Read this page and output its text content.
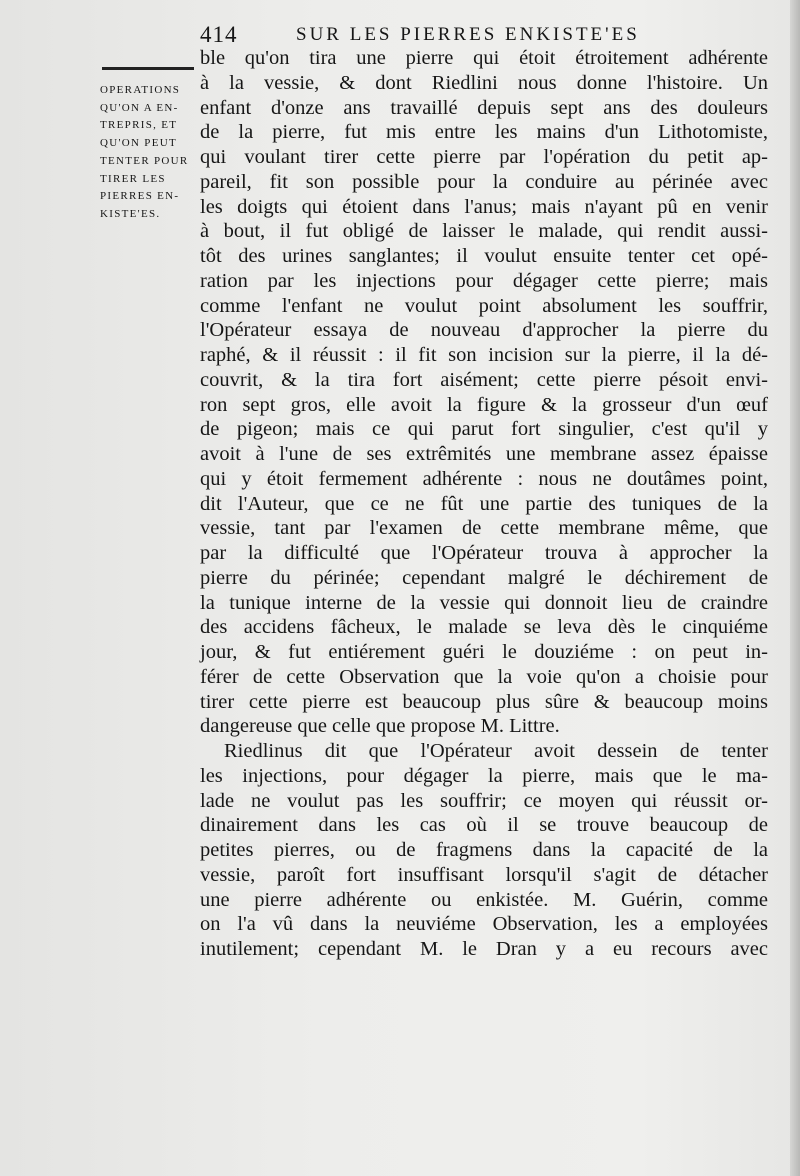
414	SUR LES PIERRES ENKISTE'ES
OPERATIONS
QU'ON A EN-
TREPRIS, ET
QU'ON PEUT
TENTER POUR
TIRER LES
PIERRES EN-
KISTE'ES.
ble qu'on tira une pierre qui étoit étroitement adhérente
à la vessie, & dont Riedlini nous donne l'histoire. Un
enfant d'onze ans travaillé depuis sept ans des douleurs
de la pierre, fut mis entre les mains d'un Lithotomiste,
qui voulant tirer cette pierre par l'opération du petit ap-
pareil, fit son possible pour la conduire au périnée avec
les doigts qui étoient dans l'anus; mais n'ayant pû en venir
à bout, il fut obligé de laisser le malade, qui rendit aussi-
tôt des urines sanglantes; il voulut ensuite tenter cet opé-
ration par les injections pour dégager cette pierre; mais
comme l'enfant ne voulut point absolument les souffrir,
l'Opérateur essaya de nouveau d'approcher la pierre du
raphé, & il réussit : il fit son incision sur la pierre, il la dé-
couvrit, & la tira fort aisément; cette pierre pésoit envi-
ron sept gros, elle avoit la figure & la grosseur d'un œuf
de pigeon; mais ce qui parut fort singulier, c'est qu'il y
avoit à l'une de ses extrêmités une membrane assez épaisse
qui y étoit fermement adhérente : nous ne doutâmes point,
dit l'Auteur, que ce ne fût une partie des tuniques de la
vessie, tant par l'examen de cette membrane même, que
par la difficulté que l'Opérateur trouva à approcher la
pierre du périnée; cependant malgré le déchirement de
la tunique interne de la vessie qui donnoit lieu de craindre
des accidens fâcheux, le malade se leva dès le cinquiéme
jour, & fut entiérement guéri le douziéme : on peut in-
férer de cette Observation que la voie qu'on a choisie pour
tirer cette pierre est beaucoup plus sûre & beaucoup moins
dangereuse que celle que propose M. Littre.
Riedlinus dit que l'Opérateur avoit dessein de tenter
les injections, pour dégager la pierre, mais que le ma-
lade ne voulut pas les souffrir; ce moyen qui réussit or-
dinairement dans les cas où il se trouve beaucoup de
petites pierres, ou de fragmens dans la capacité de la
vessie, paroît fort insuffisant lorsqu'il s'agit de détacher
une pierre adhérente ou enkistée. M. Guérin, comme
on l'a vû dans la neuviéme Observation, les a employées
inutilement; cependant M. le Dran y a eu recours avec
